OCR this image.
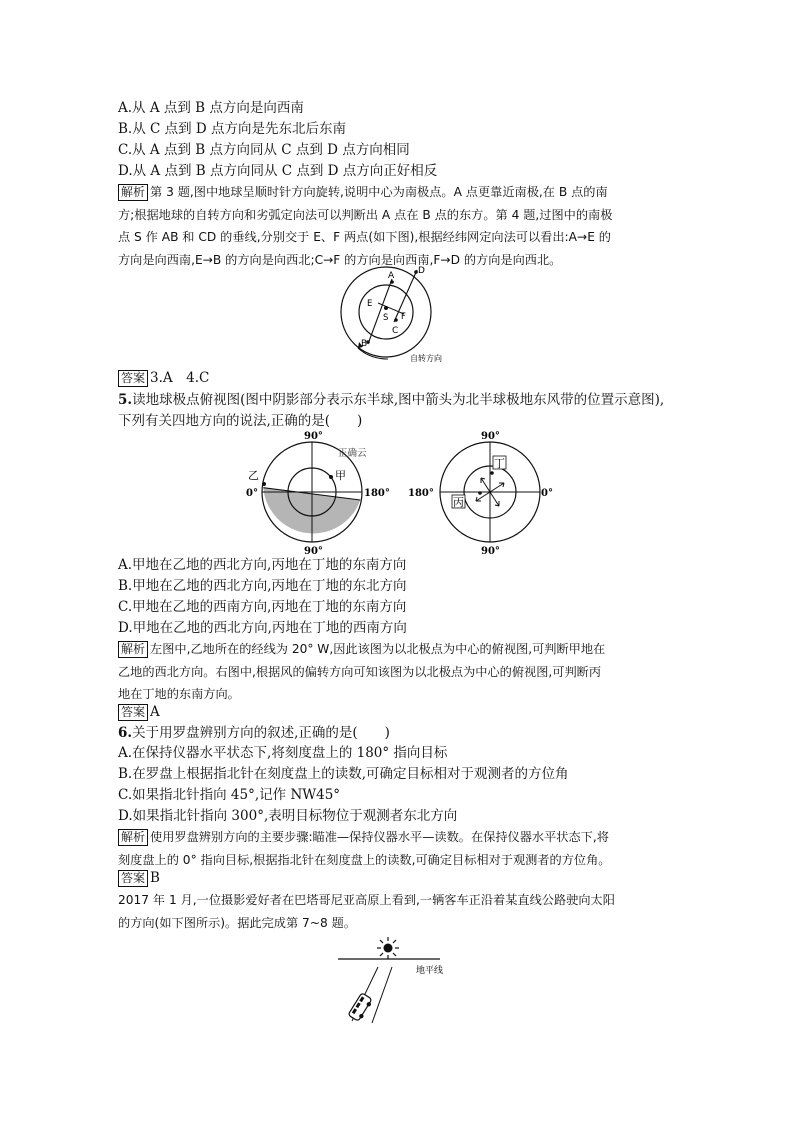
A.从 A 点到 B 点方向是向西南
B.从 C 点到 D 点方向是先东北后东南
C.从 A 点到 B 点方向同从 C 点到 D 点方向相同
D.从 A 点到 B 点方向同从 C 点到 D 点方向正好相反
解析 第 3 题,图中地球呈顺时针方向旋转,说明中心为南极点。A 点更靠近南极,在 B 点的南
方;根据地球的自转方向和劣弧定向法可以判断出 A 点在 B 点的东方。第 4 题,过图中的南极
点 S 作 AB 和 CD 的垂线,分别交于 E、F 两点(如下图),根据经纬网定向法可以看出:A→E 的
方向是向西南,E→B 的方向是向西北;C→F 的方向是向西南,F→D 的方向是向西北。
A
B
C
D
E
F
S
自转方向
答案 3.A　4.C
5.读地球极点俯视图(图中阴影部分表示东半球,图中箭头为北半球极地东风带的位置示意图),
下列有关四地方向的说法,正确的是(　　)
90°
90°
0°	180°
乙	甲
正确云
90°
90°
180°	0°
丁
丙
A.甲地在乙地的西北方向,丙地在丁地的东南方向
B.甲地在乙地的西北方向,丙地在丁地的东北方向
C.甲地在乙地的西南方向,丙地在丁地的东南方向
D.甲地在乙地的西北方向,丙地在丁地的西南方向
解析 左图中,乙地所在的经线为 20° W,因此该图为以北极点为中心的俯视图,可判断甲地在
乙地的西北方向。右图中,根据风的偏转方向可知该图为以北极点为中心的俯视图,可判断丙
地在丁地的东南方向。
答案 A
6.关于用罗盘辨别方向的叙述,正确的是(　　)
A.在保持仪器水平状态下,将刻度盘上的 180° 指向目标
B.在罗盘上根据指北针在刻度盘上的读数,可确定目标相对于观测者的方位角
C.如果指北针指向 45°,记作 NW45°
D.如果指北针指向 300°,表明目标物位于观测者东北方向
解析 使用罗盘辨别方向的主要步骤:瞄准—保持仪器水平—读数。在保持仪器水平状态下,将
刻度盘上的 0° 指向目标,根据指北针在刻度盘上的读数,可确定目标相对于观测者的方位角。
答案 B
2017 年 1 月,一位摄影爱好者在巴塔哥尼亚高原上看到,一辆客车正沿着某直线公路驶向太阳
的方向(如下图所示)。据此完成第 7~8 题。
地平线
